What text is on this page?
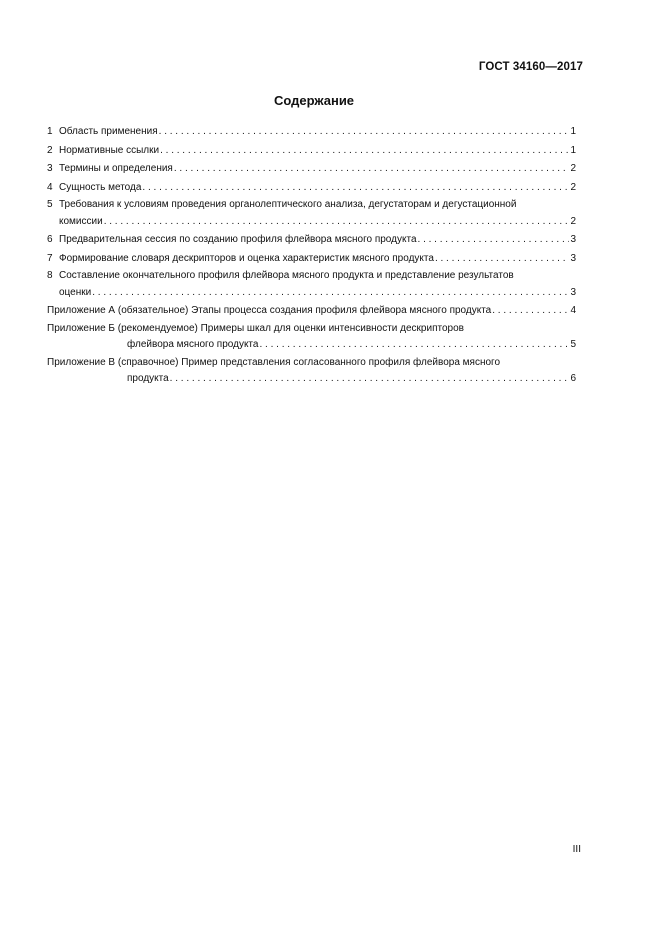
ГОСТ 34160—2017
Содержание
1 Область применения . . .	1
2 Нормативные ссылки . . .	1
3 Термины и определения . . .	2
4 Сущность метода . . .	2
5 Требования к условиям проведения органолептического анализа, дегустаторам и дегустационной
комиссии . . .	2
6 Предварительная сессия по созданию профиля флейвора мясного продукта . . .	3
7 Формирование словаря дескрипторов и оценка характеристик мясного продукта . . .	3
8 Составление окончательного профиля флейвора мясного продукта и представление результатов
оценки . . .	3
Приложение А (обязательное) Этапы процесса создания профиля флейвора мясного продукта . . .	4
Приложение Б (рекомендуемое) Примеры шкал для оценки интенсивности дескрипторов
флейвора мясного продукта . . .	5
Приложение В (справочное) Пример представления согласованного профиля флейвора мясного
продукта . . .	6
III
